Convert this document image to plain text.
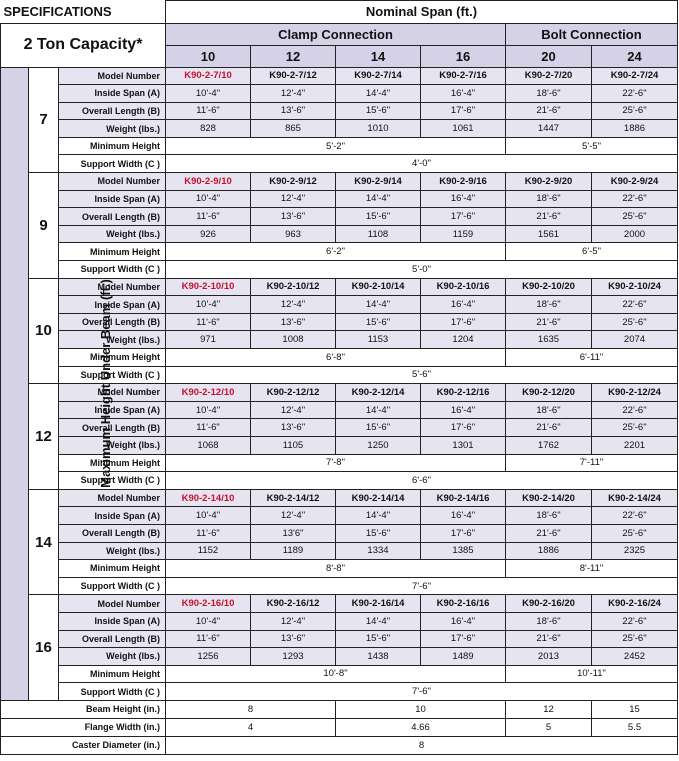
SPECIFICATIONS			Nominal Span (ft.)					
2 Ton Capacity*			Clamp Connection				Bolt Connection	
			10	12	14	16	20	24
Maximum Height Under Beam (ft.)	7	Model Number	K90-2-7/10	K90-2-7/12	K90-2-7/14	K90-2-7/16	K90-2-7/20	K90-2-7/24
		Inside Span (A)	10'-4"	12'-4"	14'-4"	16'-4"	18'-6"	22'-6"
		Overall Length (B)	11'-6"	13'-6"	15'-6"	17'-6"	21'-6"	25'-6"
		Weight (lbs.)	828	865	1010	1061	1447	1886
		Minimum Height	5'-2"				5'-5"	
		Support Width (C )	4'-0"					
	9	Model Number	K90-2-9/10	K90-2-9/12	K90-2-9/14	K90-2-9/16	K90-2-9/20	K90-2-9/24
		Inside Span (A)	10'-4"	12'-4"	14'-4"	16'-4"	18'-6"	22'-6"
		Overall Length (B)	11'-6"	13'-6"	15'-6"	17'-6"	21'-6"	25'-6"
		Weight (lbs.)	926	963	1108	1159	1561	2000
		Minimum Height	6'-2"				6'-5"	
		Support Width (C )	5'-0"					
	10	Model Number	K90-2-10/10	K90-2-10/12	K90-2-10/14	K90-2-10/16	K90-2-10/20	K90-2-10/24
		Inside Span (A)	10'-4"	12'-4"	14'-4"	16'-4"	18'-6"	22'-6"
		Overall Length (B)	11'-6"	13'-6"	15'-6"	17'-6"	21'-6"	25'-6"
		Weight (lbs.)	971	1008	1153	1204	1635	2074
		Minimum Height	6'-8"				6'-11"	
		Support Width (C )	5'-6"					
	12	Model Number	K90-2-12/10	K90-2-12/12	K90-2-12/14	K90-2-12/16	K90-2-12/20	K90-2-12/24
		Inside Span (A)	10'-4"	12'-4"	14'-4"	16'-4"	18'-6"	22'-6"
		Overall Length (B)	11'-6"	13'-6"	15'-6"	17'-6"	21'-6"	25'-6"
		Weight (lbs.)	1068	1105	1250	1301	1762	2201
		Minimum Height	7'-8"				7'-11"	
		Support Width (C )	6'-6"					
	14	Model Number	K90-2-14/10	K90-2-14/12	K90-2-14/14	K90-2-14/16	K90-2-14/20	K90-2-14/24
		Inside Span (A)	10'-4"	12'-4"	14'-4"	16'-4"	18'-6"	22'-6"
		Overall Length (B)	11'-6"	13'6"	15'-6"	17'-6"	21'-6"	25'-6"
		Weight (lbs.)	1152	1189	1334	1385	1886	2325
		Minimum Height	8'-8"				8'-11"	
		Support Width (C )	7'-6"					
	16	Model Number	K90-2-16/10	K90-2-16/12	K90-2-16/14	K90-2-16/16	K90-2-16/20	K90-2-16/24
		Inside Span (A)	10'-4"	12'-4"	14'-4"	16'-4"	18'-6"	22'-6"
		Overall Length (B)	11'-6"	13'-6"	15'-6"	17'-6"	21'-6"	25'-6"
		Weight (lbs.)	1256	1293	1438	1489	2013	2452
		Minimum Height	10'-8"				10'-11"	
		Support Width (C )	7'-6"					
Beam Height (in.)			8		10		12	15
Flange Width (in.)			4		4.66		5	5.5
Caster Diameter (in.)			8					
